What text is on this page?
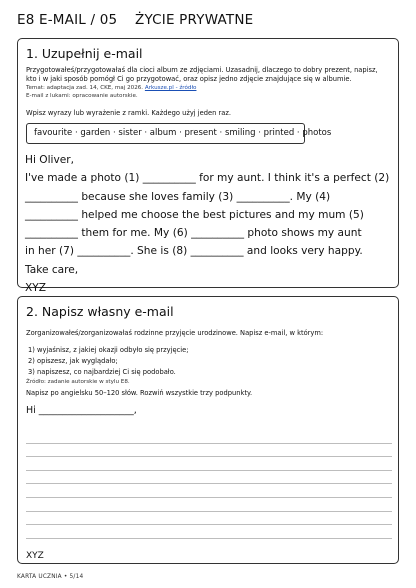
E8 E-MAIL / 05 ŻYCIE PRYWATNE
1. Uzupełnij e-mail
Przygotowałeś/przygotowałaś dla cioci album ze zdjęciami. Uzasadnij, dlaczego to dobry prezent, napisz,
kto i w jaki sposób pomógł Ci go przygotować, oraz opisz jedno zdjęcie znajdujące się w albumie.
Temat: adaptacja zad. 14, CKE, maj 2026. Arkusze.pl - źródło
E-mail z lukami: opracowanie autorskie.
Wpisz wyrazy lub wyrażenie z ramki. Każdego użyj jeden raz.
favourite · garden · sister · album · present · smiling · printed · photos
Hi Oliver,
I've made a photo (1) __________ for my aunt. I think it's a perfect (2)
__________ because she loves family (3) __________. My (4)
__________ helped me choose the best pictures and my mum (5)
__________ them for me. My (6) __________ photo shows my aunt
in her (7) __________. She is (8) __________ and looks very happy.
Take care,
XYZ
2. Napisz własny e-mail
Zorganizowałeś/zorganizowałaś rodzinne przyjęcie urodzinowe. Napisz e-mail, w którym:
1) wyjaśnisz, z jakiej okazji odbyło się przyjęcie;
2) opiszesz, jak wyglądało;
3) napiszesz, co najbardziej Ci się podobało.
Źródło: zadanie autorskie w stylu E8.
Napisz po angielsku 50–120 słów. Rozwiń wszystkie trzy podpunkty.
Hi ____________________,
XYZ
KARTA UCZNIA • 5/14
